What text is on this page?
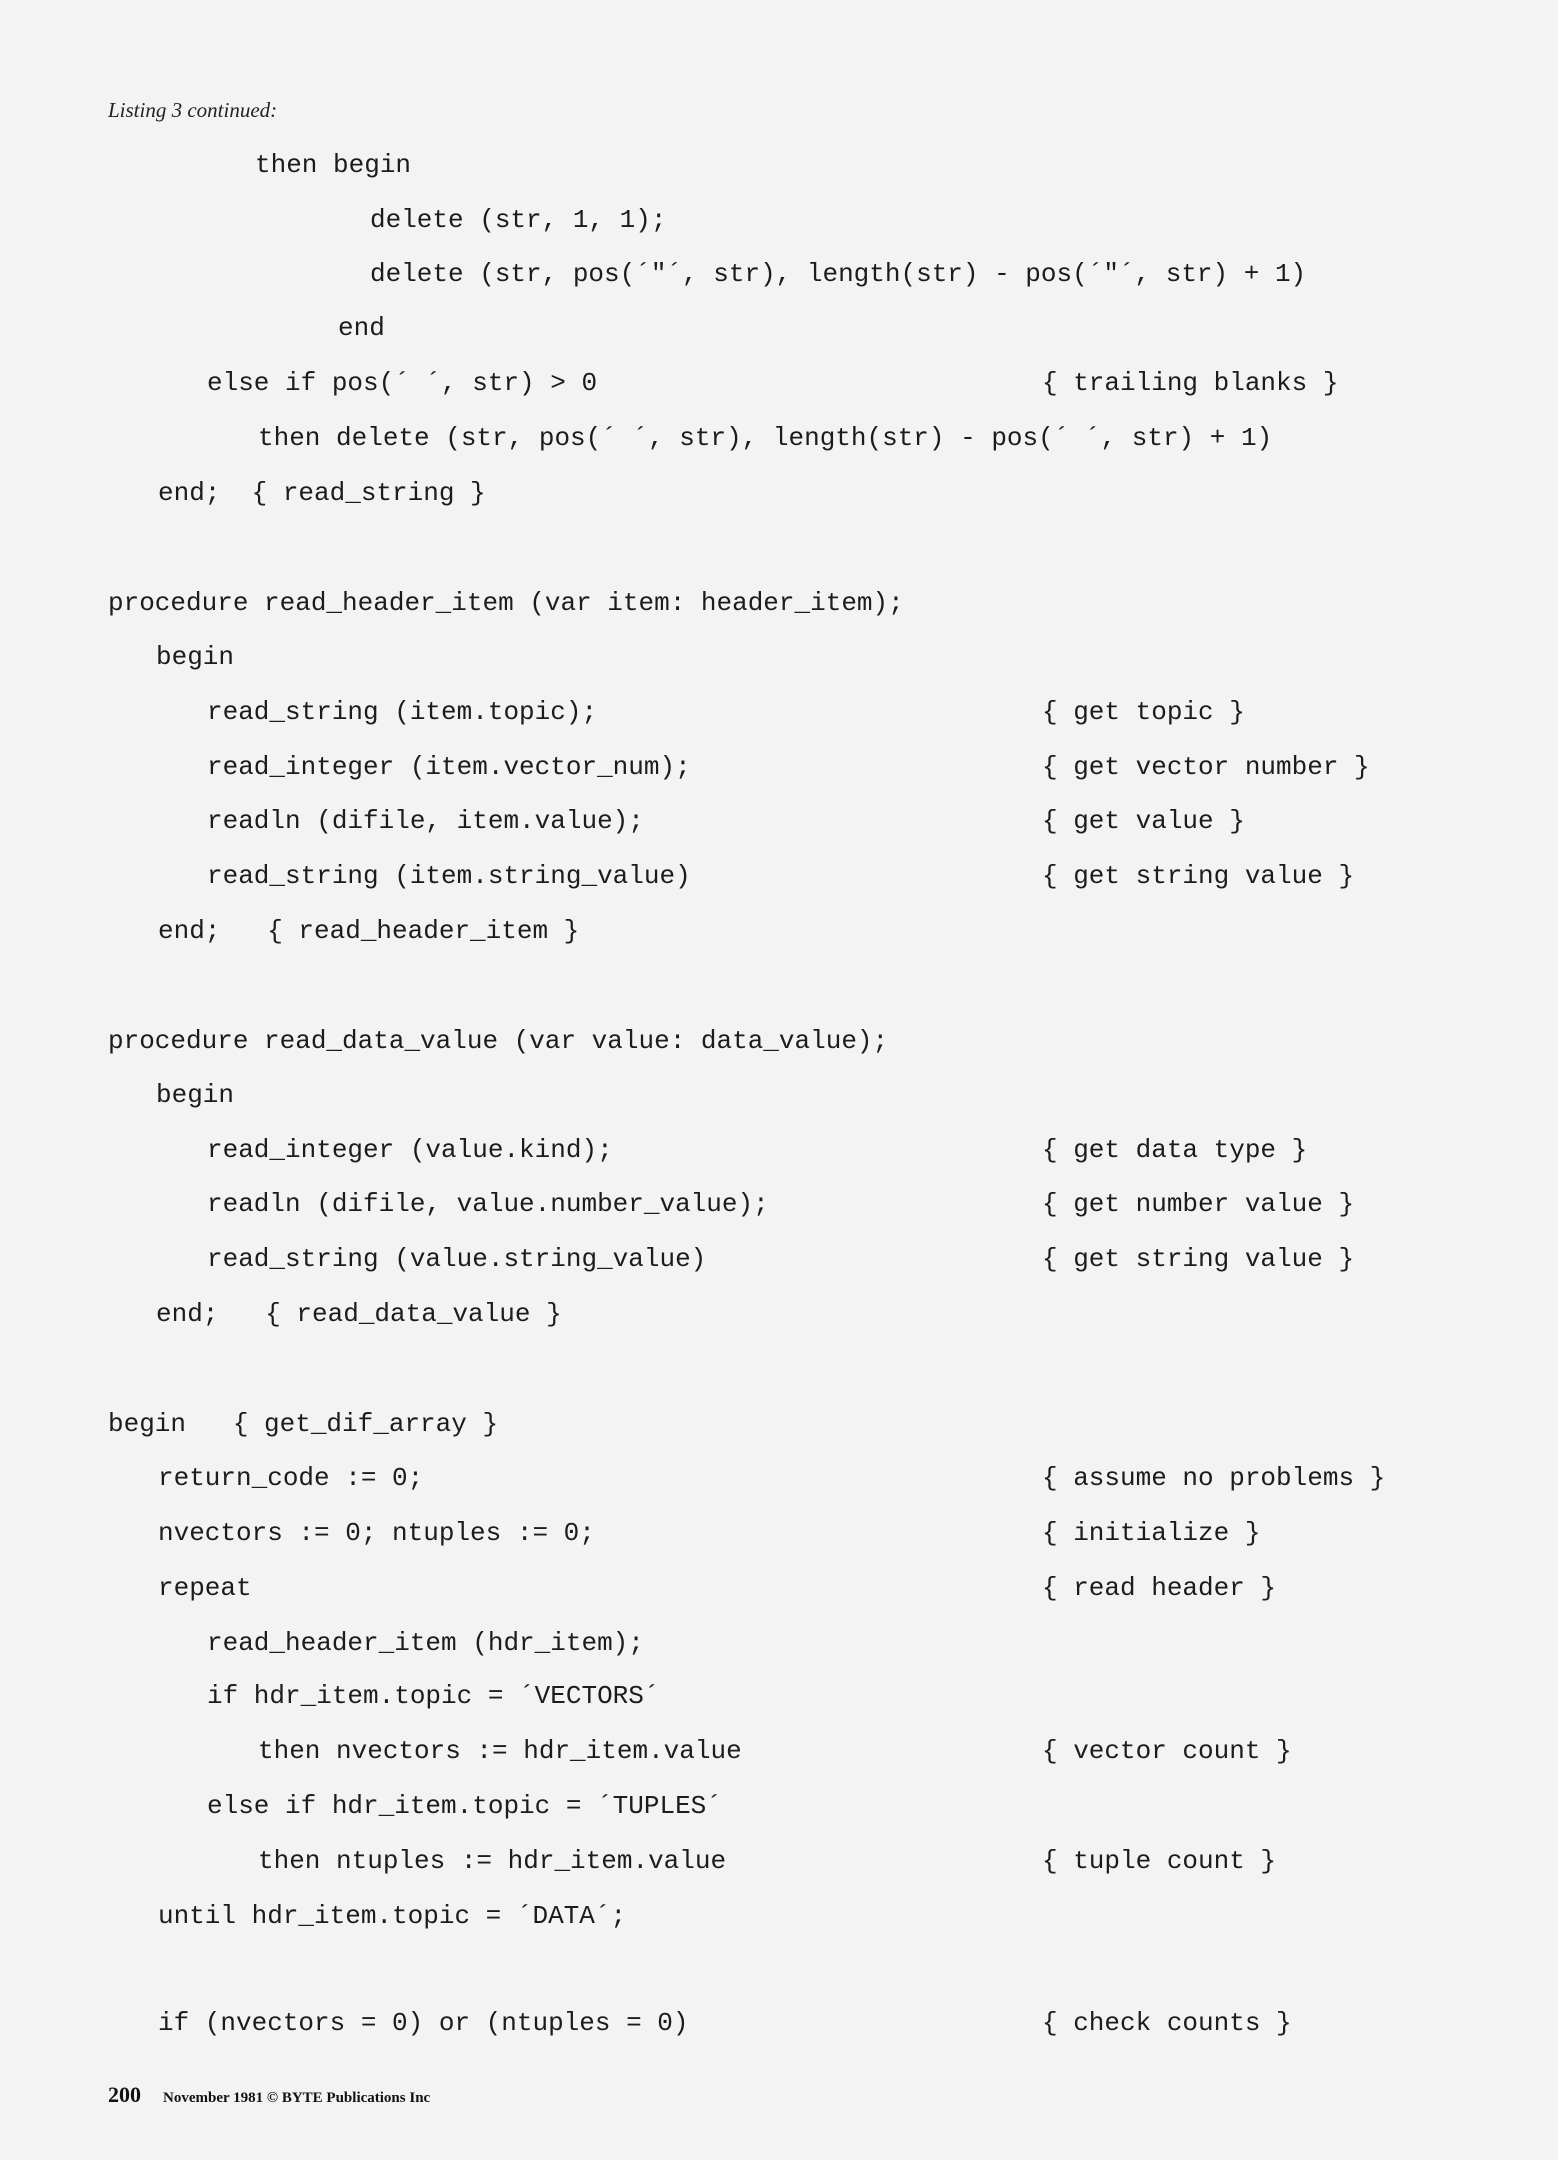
Listing 3 continued:
then begin
delete (str, 1, 1);
delete (str, pos(´"´, str), length(str) - pos(´"´, str) + 1)
end
else if pos(´ ´, str) > 0	{ trailing blanks }
then delete (str, pos(´ ´, str), length(str) - pos(´ ´, str) + 1)
end;  { read_string }
procedure read_header_item (var item: header_item);
begin
read_string (item.topic);	{ get topic }
read_integer (item.vector_num);	{ get vector number }
readln (difile, item.value);	{ get value }
read_string (item.string_value)	{ get string value }
end;   { read_header_item }
procedure read_data_value (var value: data_value);
begin
read_integer (value.kind);	{ get data type }
readln (difile, value.number_value);	{ get number value }
read_string (value.string_value)	{ get string value }
end;   { read_data_value }
begin   { get_dif_array }
return_code := 0;	{ assume no problems }
nvectors := 0; ntuples := 0;	{ initialize }
repeat	{ read header }
read_header_item (hdr_item);
if hdr_item.topic = ´VECTORS´
then nvectors := hdr_item.value	{ vector count }
else if hdr_item.topic = ´TUPLES´
then ntuples := hdr_item.value	{ tuple count }
until hdr_item.topic = ´DATA´;
if (nvectors = 0) or (ntuples = 0)	{ check counts }
200 November 1981 © BYTE Publications Inc
